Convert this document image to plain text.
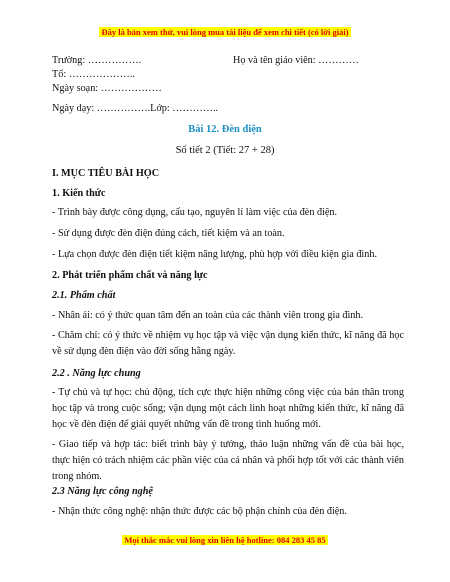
Đây là bản xem thử, vui lòng mua tài liệu để xem chi tiết (có lời giải)
Trường: …………….	Họ và tên giáo viên: …………
Tổ: ………………..
Ngày soạn: ………………
Ngày dạy: …………….Lớp: …………..
Bài 12. Đèn điện
Số tiết 2 (Tiết: 27 + 28)
I. MỤC TIÊU BÀI HỌC
1. Kiến thức
- Trình bày được công dụng, cấu tạo, nguyên lí làm việc của đèn điện.
- Sử dụng được đèn điện đúng cách, tiết kiệm và an toàn.
- Lựa chọn được đèn điện tiết kiệm năng lượng, phù hợp với điều kiện gia đình.
2. Phát triển phẩm chất và năng lực
2.1. Phẩm chất
- Nhân ái: có ý thức quan tâm đến an toàn của các thành viên trong gia đình.
- Chăm chỉ: có ý thức về nhiệm vụ học tập và việc vận dụng kiến thức, kĩ năng đã học về sử dụng đèn điện vào đời sống hằng ngày.
2.2 . Năng lực chung
- Tự chủ và tự học: chủ động, tích cực thực hiện những công việc của bản thân trong học tập và trong cuộc sống; vận dụng một cách linh hoạt những kiến thức, kĩ năng đã học về đèn điện để giải quyết những vấn đề trong tình huống mới.
- Giao tiếp và hợp tác: biết trình bày ý tưởng, thảo luận những vấn đề của bài học, thực hiện có trách nhiệm các phần việc của cá nhân và phối hợp tốt với các thành viên trong nhóm.
2.3 Năng lực công nghệ
- Nhận thức công nghệ: nhận thức được các bộ phận chính của đèn điện.
Mọi thắc mắc vui lòng xin liên hệ hotline: 084 283 45 85
